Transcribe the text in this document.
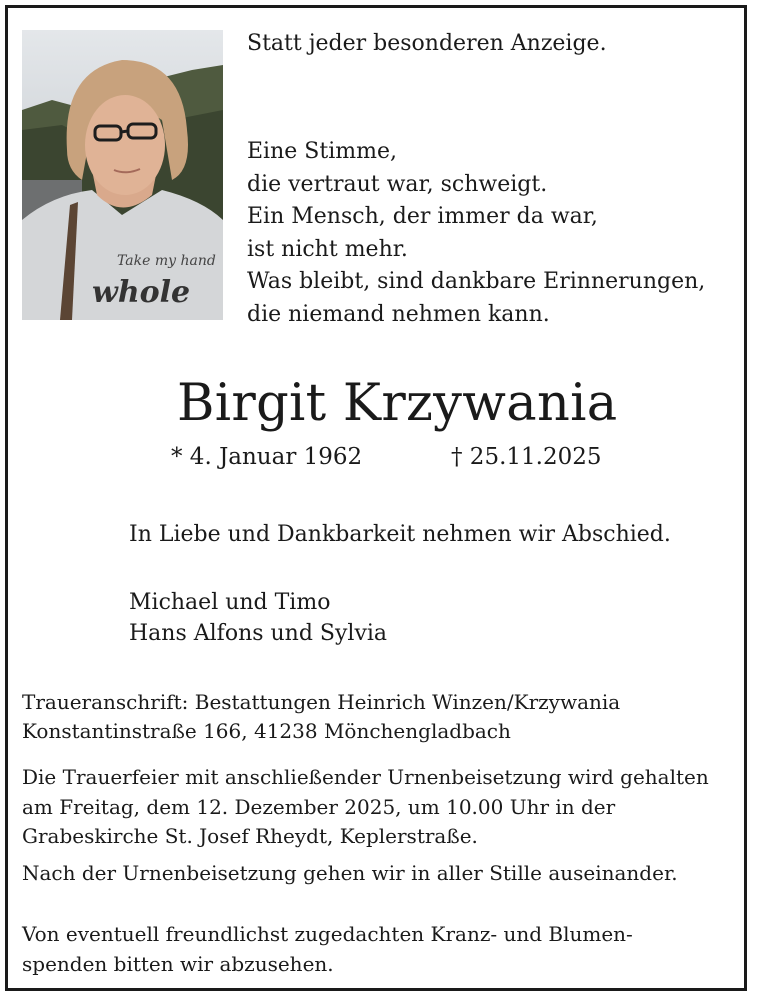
Take my hand
whole
Statt jeder besonderen Anzeige.
Eine Stimme,
die vertraut war, schweigt.
Ein Mensch, der immer da war,
ist nicht mehr.
Was bleibt, sind dankbare Erinnerungen,
die niemand nehmen kann.
Birgit Krzywania
* 4. Januar 1962	† 25.11.2025
In Liebe und Dankbarkeit nehmen wir Abschied.
Michael und Timo
Hans Alfons und Sylvia
Traueranschrift: Bestattungen Heinrich Winzen/Krzywania
Konstantinstraße 166, 41238 Mönchengladbach
Die Trauerfeier mit anschließender Urnenbeisetzung wird gehalten
am Freitag, dem 12. Dezember 2025, um 10.00 Uhr in der
Grabeskirche St. Josef Rheydt, Keplerstraße.
Nach der Urnenbeisetzung gehen wir in aller Stille auseinander.
Von eventuell freundlichst zugedachten Kranz- und Blumen-
spenden bitten wir abzusehen.
